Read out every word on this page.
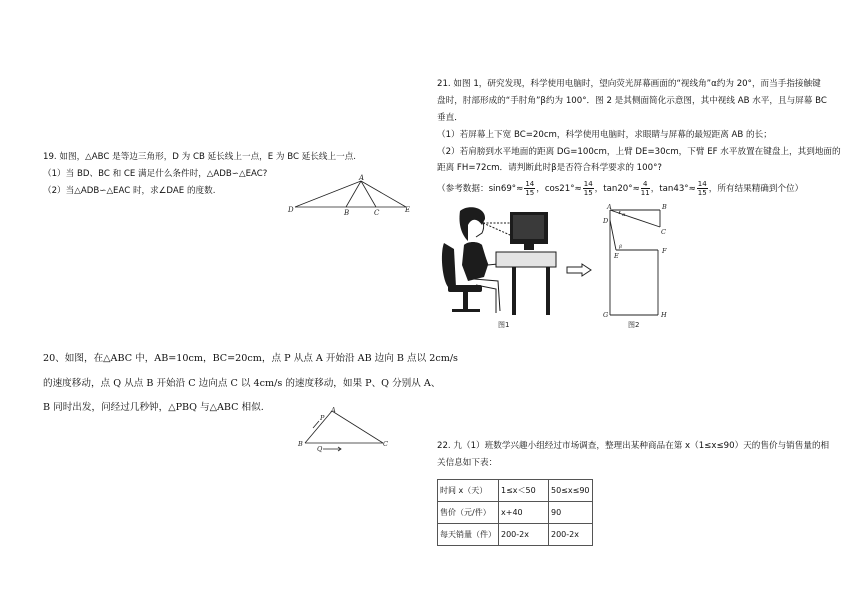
19. 如图，△ABC 是等边三角形，D 为 CB 延长线上一点，E 为 BC 延长线上一点.
（1）当 BD、BC 和 CE 满足什么条件时，△ADB∽△EAC?
（2）当△ADB∽△EAC 时，求∠DAE 的度数.
A
D	B	C	E
20、如图，在△ABC 中，AB=10cm，BC=20cm，点 P 从点 A 开始沿 AB 边向 B 点以 2cm/s
的速度移动，点 Q 从点 B 开始沿 C 边向点 C 以 4cm/s 的速度移动，如果 P、Q 分别从 A、
B 同时出发，问经过几秒钟，△PBQ 与△ABC 相似.	A
P
B
Q
C
21. 如图 1，研究发现，科学使用电脑时，望向荧光屏幕画面的“视线角”α约为 20°，而当手指接触键
盘时，肘部形成的“手肘角”β约为 100°．图 2 是其侧面简化示意图，其中视线 AB 水平，且与屏幕 BC
垂直．
（1）若屏幕上下宽 BC=20cm，科学使用电脑时，求眼睛与屏幕的最短距离 AB 的长；
（2）若肩膀到水平地面的距离 DG=100cm，上臂 DE=30cm，下臂 EF 水平放置在键盘上，其到地面的
距离 FH=72cm．请判断此时β是否符合科学要求的 100°?
（参考数据：$\sin 69^\circ\approx \frac{14}{15}$ ，$\cos 21^\circ\approx \frac{14}{15}$ ，$\tan 20^\circ\approx \frac{4}{11}$ ，$\tan 43^\circ\approx \frac{14}{15}$ ，所有结果精确到个位）
图1
A	B
C
D
E
F
G	H
α
β
图2
22. 九（1）班数学兴趣小组经过市场调查，整理出某种商品在第 x（1≤x≤90）天的售价与销售量的相
关信息如下表：
时间 x（天）	1≤x＜50	50≤x≤90
售价（元/件）	x+40	90
每天销量（件）	200-2x	200-2x
